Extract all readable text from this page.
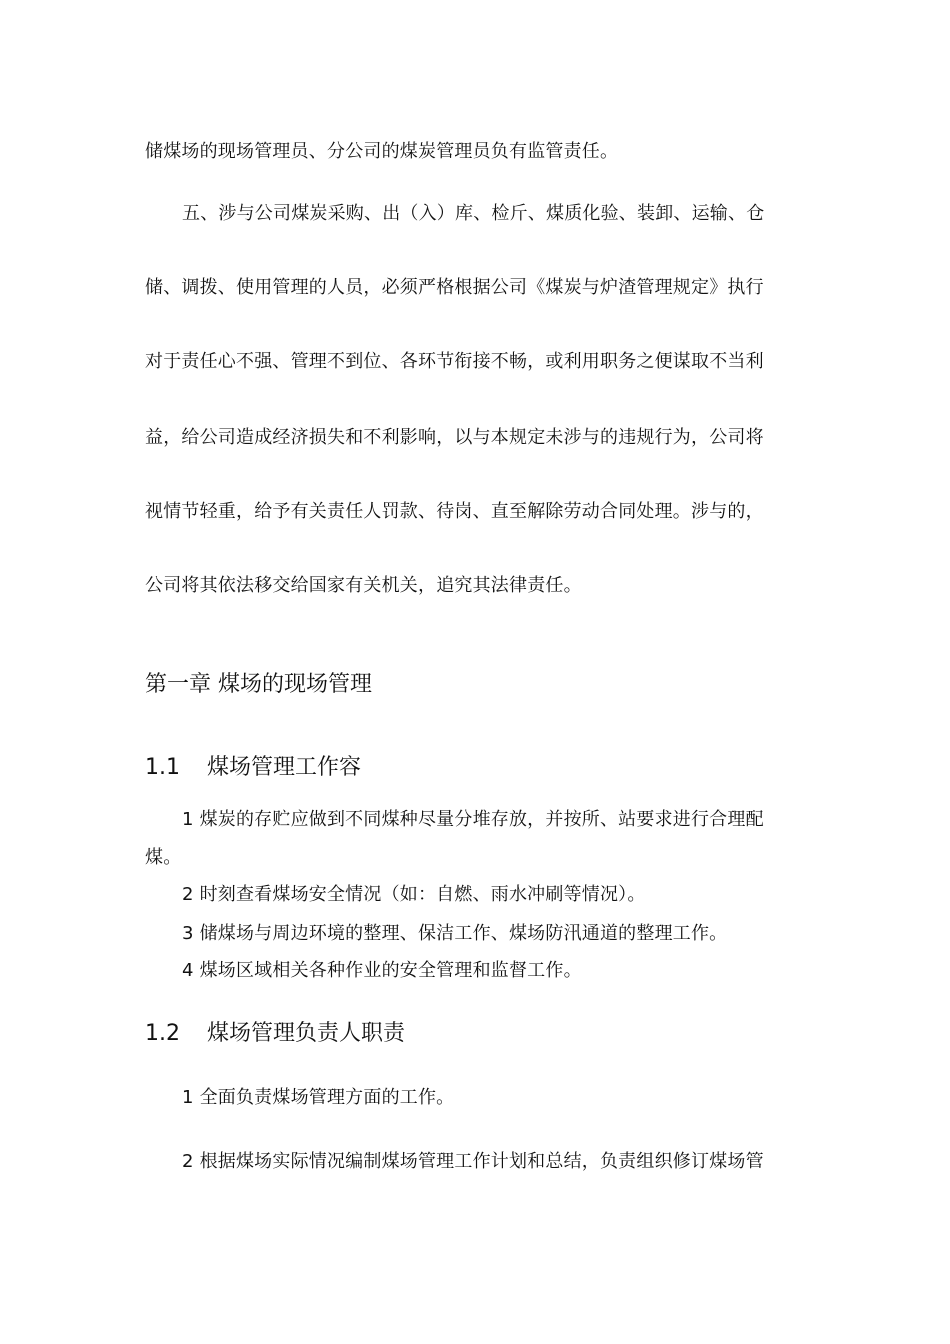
储煤场的现场管理员、分公司的煤炭管理员负有监管责任。
五、涉与公司煤炭采购、出（入）库、检斤、煤质化验、装卸、运输、仓
储、调拨、使用管理的人员，必须严格根据公司《煤炭与炉渣管理规定》执行
对于责任心不强、管理不到位、各环节衔接不畅，或利用职务之便谋取不当利
益，给公司造成经济损失和不利影响，以与本规定未涉与的违规行为，公司将
视情节轻重，给予有关责任人罚款、待岗、直至解除劳动合同处理。涉与的，
公司将其依法移交给国家有关机关，追究其法律责任。
第一章 煤场的现场管理
1.1 煤场管理工作容
1 煤炭的存贮应做到不同煤种尽量分堆存放，并按所、站要求进行合理配
煤。
2 时刻查看煤场安全情况（如：自燃、雨水冲刷等情况）。
3 储煤场与周边环境的整理、保洁工作、煤场防汛通道的整理工作。
4 煤场区域相关各种作业的安全管理和监督工作。
1.2 煤场管理负责人职责
1 全面负责煤场管理方面的工作。
2 根据煤场实际情况编制煤场管理工作计划和总结，负责组织修订煤场管
